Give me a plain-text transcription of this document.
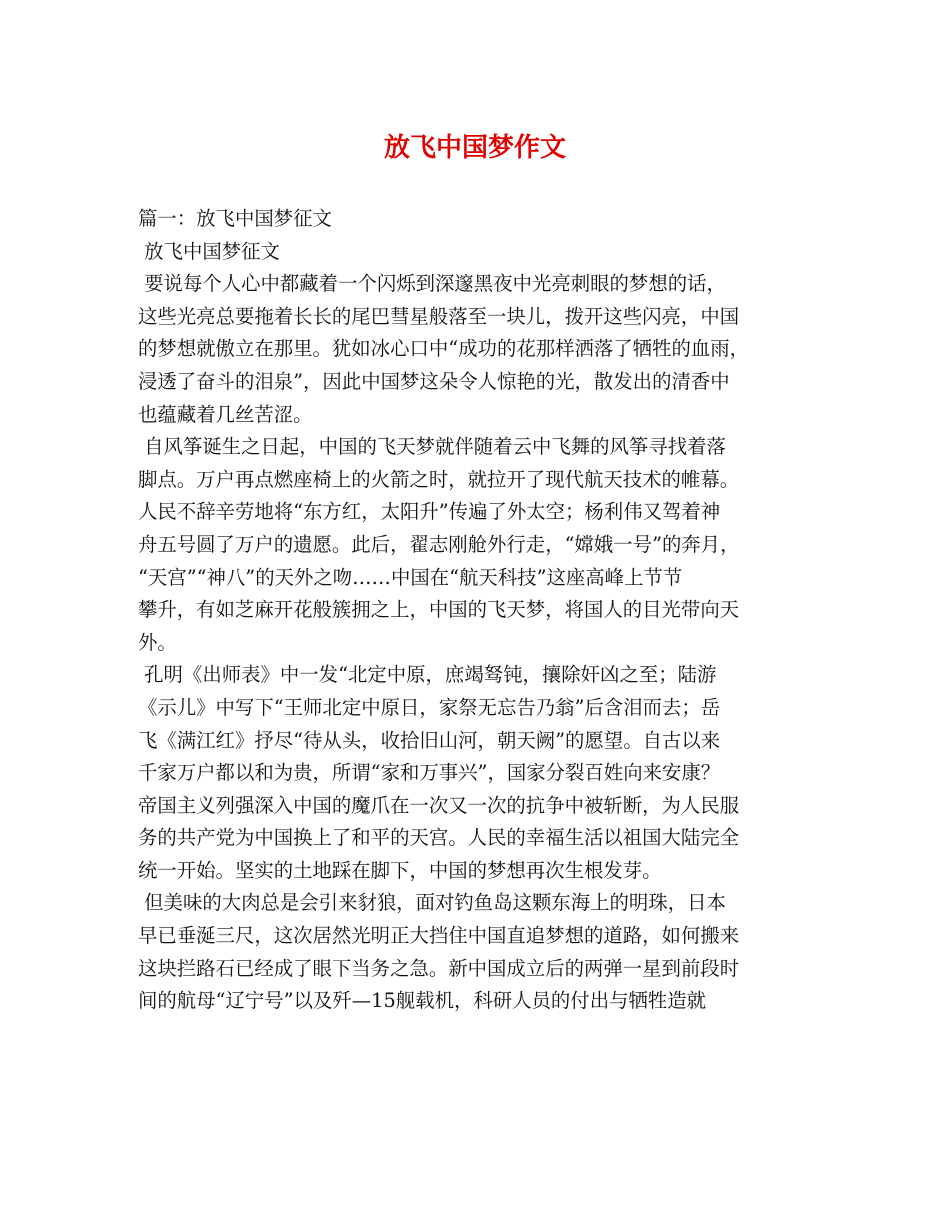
放飞中国梦作文
篇一：放飞中国梦征文
放飞中国梦征文
要说每个人心中都藏着一个闪烁到深邃黑夜中光亮刺眼的梦想的话，
这些光亮总要拖着长长的尾巴彗星般落至一块儿，拨开这些闪亮，中国
的梦想就傲立在那里。犹如冰心口中“成功的花那样洒落了牺牲的血雨，
浸透了奋斗的泪泉”，因此中国梦这朵令人惊艳的光，散发出的清香中
也蕴藏着几丝苦涩。
自风筝诞生之日起，中国的飞天梦就伴随着云中飞舞的风筝寻找着落
脚点。万户再点燃座椅上的火箭之时，就拉开了现代航天技术的帷幕。
人民不辞辛劳地将“东方红，太阳升”传遍了外太空；杨利伟又驾着神
舟五号圆了万户的遗愿。此后，翟志刚舱外行走，“嫦娥一号”的奔月，
“天宫”“神八”的天外之吻……中国在“航天科技”这座高峰上节节
攀升，有如芝麻开花般簇拥之上，中国的飞天梦，将国人的目光带向天
外。
孔明《出师表》中一发“北定中原，庶竭驽钝，攘除奸凶之至；陆游
《示儿》中写下“王师北定中原日，家祭无忘告乃翁”后含泪而去；岳
飞《满江红》抒尽“待从头，收拾旧山河，朝天阙”的愿望。自古以来
千家万户都以和为贵，所谓“家和万事兴”，国家分裂百姓向来安康？
帝国主义列强深入中国的魔爪在一次又一次的抗争中被斩断，为人民服
务的共产党为中国换上了和平的天宫。人民的幸福生活以祖国大陆完全
统一开始。坚实的土地踩在脚下，中国的梦想再次生根发芽。
但美味的大肉总是会引来豺狼，面对钓鱼岛这颗东海上的明珠，日本
早已垂涎三尺，这次居然光明正大挡住中国直追梦想的道路，如何搬来
这块拦路石已经成了眼下当务之急。新中国成立后的两弹一星到前段时
间的航母“辽宁号”以及歼—15舰载机，科研人员的付出与牺牲造就
